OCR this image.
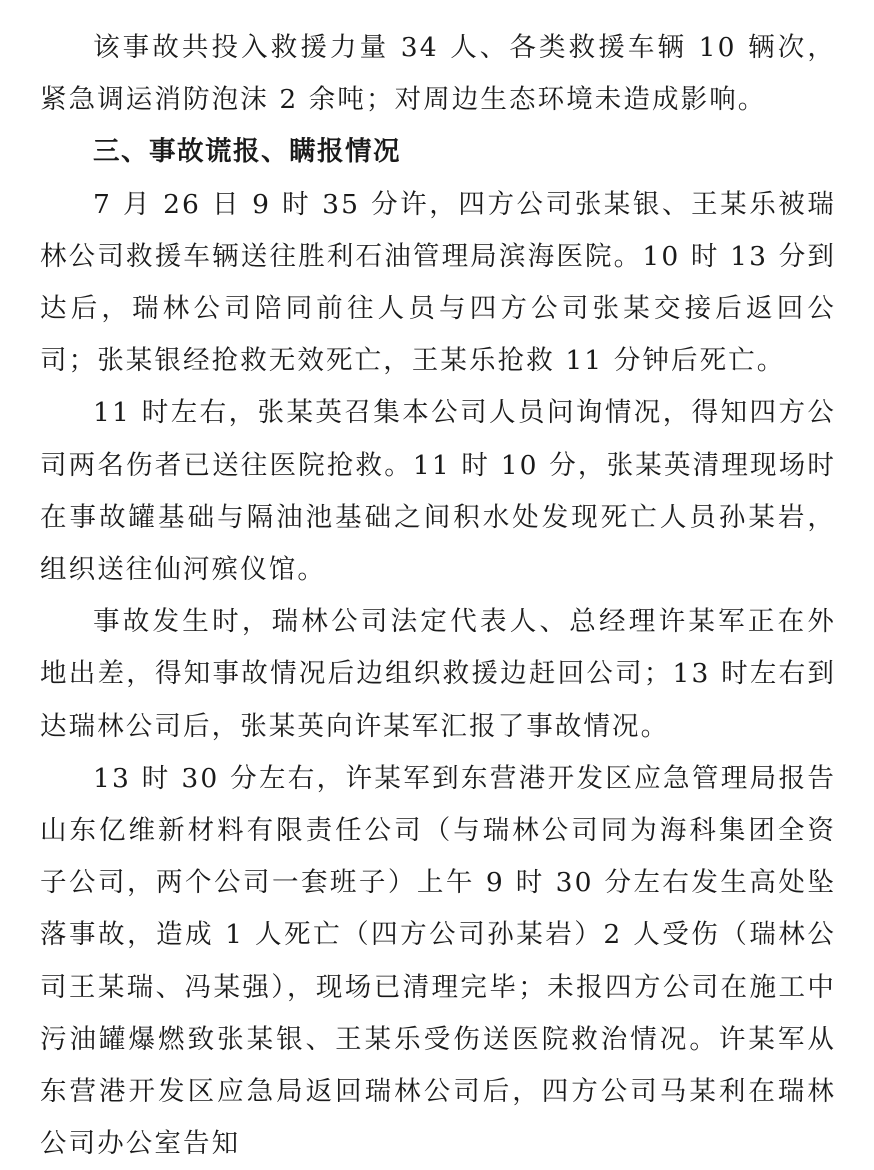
该事故共投入救援力量 34 人、各类救援车辆 10 辆次，紧急调运消防泡沫 2 余吨；对周边生态环境未造成影响。

三、事故谎报、瞒报情况

7 月 26 日 9 时 35 分许，四方公司张某银、王某乐被瑞林公司救援车辆送往胜利石油管理局滨海医院。10 时 13 分到达后，瑞林公司陪同前往人员与四方公司张某交接后返回公司；张某银经抢救无效死亡，王某乐抢救 11 分钟后死亡。

11 时左右，张某英召集本公司人员问询情况，得知四方公司两名伤者已送往医院抢救。11 时 10 分，张某英清理现场时在事故罐基础与隔油池基础之间积水处发现死亡人员孙某岩，组织送往仙河殡仪馆。

事故发生时，瑞林公司法定代表人、总经理许某军正在外地出差，得知事故情况后边组织救援边赶回公司；13 时左右到达瑞林公司后，张某英向许某军汇报了事故情况。

13 时 30 分左右，许某军到东营港开发区应急管理局报告山东亿维新材料有限责任公司（与瑞林公司同为海科集团全资子公司，两个公司一套班子）上午 9 时 30 分左右发生高处坠落事故，造成 1 人死亡（四方公司孙某岩）2 人受伤（瑞林公司王某瑞、冯某强），现场已清理完毕；未报四方公司在施工中污油罐爆燃致张某银、王某乐受伤送医院救治情况。许某军从东营港开发区应急局返回瑞林公司后，四方公司马某利在瑞林公司办公室告知
